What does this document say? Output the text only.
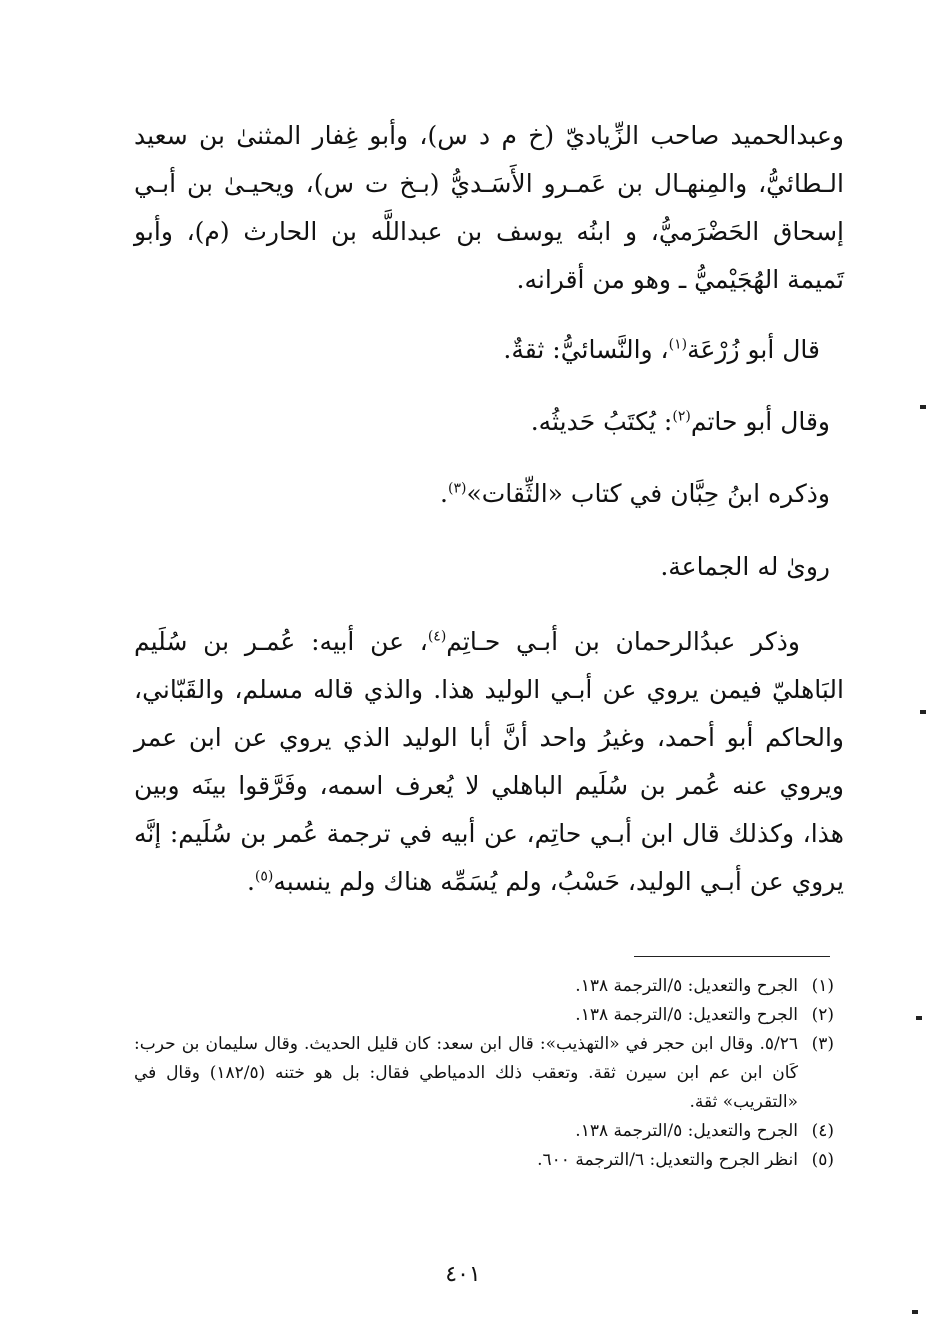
وعبدالحميد صاحب الزِّياديّ (خ م د س)، وأبو غِفار المثنىٰ بن سعيد الـطائيُّ، والمِنهـال بن عَمـرو الأَسَـديُّ (بـخ ت س)، ويحيـىٰ بن أبـي إسحاق الحَضْرَميُّ، و ابنُه يوسف بن عبداللَّه بن الحارث (م)، وأبو تَميمة الهُجَيْميُّ ـ وهو من أقرانه.
قال أبو زُرْعَة$^{(١)}$، والنَّسائيُّ: ثقةٌ.
وقال أبو حاتم$^{(٢)}$: يُكتَبُ حَديثُه.
وذكره ابنُ حِبَّان في كتاب «الثِّقات»$^{(٣)}$.
روىٰ له الجماعة.
وذكر عبدُالرحمان بن أبـي حـاتِم$^{(٤)}$، عن أبيه: عُمـر بن سُلَيم البَاهليّ فيمن يروي عن أبـي الوليد هذا. والذي قاله مسلم، والقَبّاني، والحاكم أبو أحمد، وغيرُ واحد أنَّ أبا الوليد الذي يروي عن ابن عمر ويروي عنه عُمر بن سُلَيم الباهلي لا يُعرف اسمه، وفَرَّقوا بينَه وبين هذا، وكذلك قال ابن أبـي حاتِم، عن أبيه في ترجمة عُمر بن سُلَيم: إنَّه يروي عن أبـي الوليد، حَسْبُ، ولم يُسَمِّه هناك ولم ينسبه$^{(٥)}$.
(١)
الجرح والتعديل: ٥/الترجمة ١٣٨.
(٢)
الجرح والتعديل: ٥/الترجمة ١٣٨.
(٣)
٥/٢٦. وقال ابن حجر في «التهذيب»: قال ابن سعد: كان قليل الحديث. وقال سليمان بن حرب: كَان ابن عم ابن سيرن ثقة. وتعقب ذلك الدمياطي فقال: بل هو ختنه (١٨٢/٥) وقال في «التقريب» ثقة.
(٤)
الجرح والتعديل: ٥/الترجمة ١٣٨.
(٥)
انظر الجرح والتعديل: ٦/الترجمة ٦٠٠.
٤٠١
